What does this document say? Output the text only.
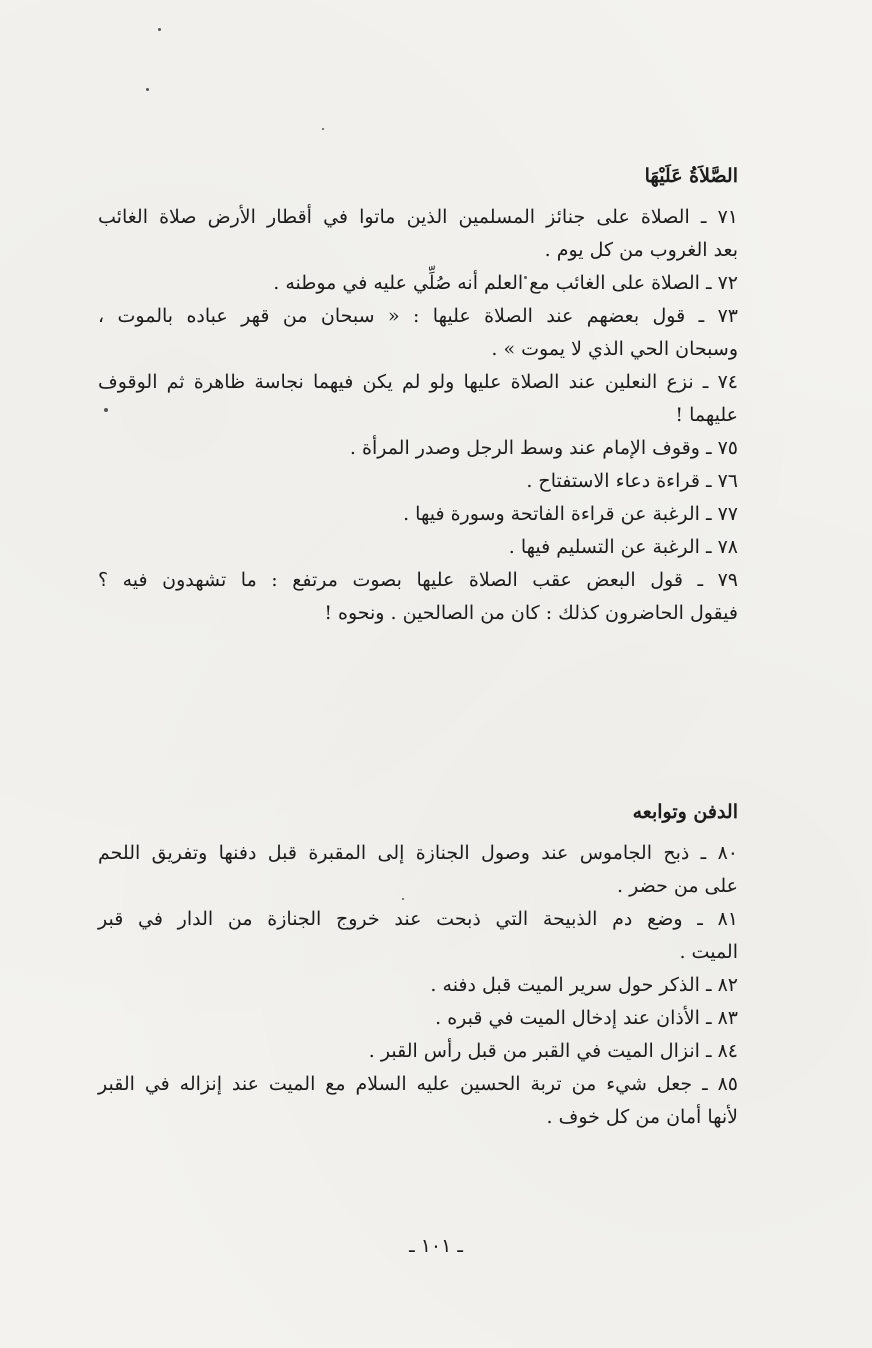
الصَّلاَةُ عَلَيْهَا
٧١ ـ الصلاة على جنائز المسلمين الذين ماتوا في أقطار الأرض صلاة الغائب
بعد الغروب من كل يوم .
٧٢ ـ الصلاة على الغائب مع العلم أنه صُلِّي عليه في موطنه .
٧٣ ـ قول بعضهم عند الصلاة عليها : « سبحان من قهر عباده بالموت ،
وسبحان الحي الذي لا يموت » .
٧٤ ـ نزع النعلين عند الصلاة عليها ولو لم يكن فيهما نجاسة ظاهرة ثم الوقوف
عليهما !
٧٥ ـ وقوف الإمام عند وسط الرجل وصدر المرأة .
٧٦ ـ قراءة دعاء الاستفتاح .
٧٧ ـ الرغبة عن قراءة الفاتحة وسورة فيها .
٧٨ ـ الرغبة عن التسليم فيها .
٧٩ ـ قول البعض عقب الصلاة عليها بصوت مرتفع : ما تشهدون فيه ؟
فيقول الحاضرون كذلك : كان من الصالحين . ونحوه !
الدفن وتوابعه
٨٠ ـ ذبح الجاموس عند وصول الجنازة إلى المقبرة قبل دفنها وتفريق اللحم
على من حضر .
٨١ ـ وضع دم الذبيحة التي ذبحت عند خروج الجنازة من الدار في قبر
الميت .
٨٢ ـ الذكر حول سرير الميت قبل دفنه .
٨٣ ـ الأذان عند إدخال الميت في قبره .
٨٤ ـ انزال الميت في القبر من قبل رأس القبر .
٨٥ ـ جعل شيء من تربة الحسين عليه السلام مع الميت عند إنزاله في القبر
لأنها أمان من كل خوف .
ـ ١٠١ ـ
